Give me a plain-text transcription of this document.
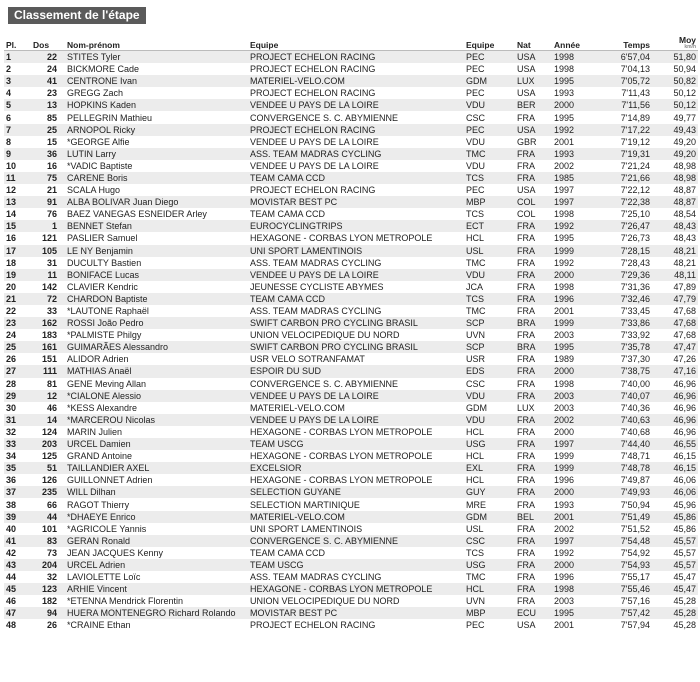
Classement de l'étape
Pl.	Dos	Nom-prénom	Equipe	Equipe	Nat	Année	Temps	Moy
km/h

1	22	STITES Tyler	PROJECT ECHELON RACING	PEC	USA	1998	6'57,04	51,80
2	24	BICKMORE Cade	PROJECT ECHELON RACING	PEC	USA	1998	7'04,13	50,94
3	41	CENTRONE Ivan	MATERIEL-VELO.COM	GDM	LUX	1995	7'05,72	50,82
4	23	GREGG Zach	PROJECT ECHELON RACING	PEC	USA	1993	7'11,43	50,12
5	13	HOPKINS Kaden	VENDEE U PAYS DE LA LOIRE	VDU	BER	2000	7'11,56	50,12
6	85	PELLEGRIN Mathieu	CONVERGENCE S. C. ABYMIENNE	CSC	FRA	1995	7'14,89	49,77
7	25	ARNOPOL Ricky	PROJECT ECHELON RACING	PEC	USA	1992	7'17,22	49,43
8	15	*GEORGE Alfie	VENDEE U PAYS DE LA LOIRE	VDU	GBR	2001	7'19,12	49,20
9	36	LUTIN Larry	ASS. TEAM MADRAS CYCLING	TMC	FRA	1993	7'19,31	49,20
10	16	*VADIC Baptiste	VENDEE U PAYS DE LA LOIRE	VDU	FRA	2002	7'21,24	48,98
11	75	CARENE Boris	TEAM CAMA CCD	TCS	FRA	1985	7'21,66	48,98
12	21	SCALA Hugo	PROJECT ECHELON RACING	PEC	USA	1997	7'22,12	48,87
13	91	ALBA BOLIVAR Juan Diego	MOVISTAR BEST PC	MBP	COL	1997	7'22,38	48,87
14	76	BAEZ VANEGAS ESNEIDER Arley	TEAM CAMA CCD	TCS	COL	1998	7'25,10	48,54
15	1	BENNET Stefan	EUROCYCLINGTRIPS	ECT	FRA	1992	7'26,47	48,43
16	121	PASLIER Samuel	HEXAGONE - CORBAS LYON METROPOLE	HCL	FRA	1995	7'26,73	48,43
17	105	LE NY Benjamin	UNI SPORT LAMENTINOIS	USL	FRA	1999	7'28,15	48,21
18	31	DUCULTY Bastien	ASS. TEAM MADRAS CYCLING	TMC	FRA	1992	7'28,43	48,21
19	11	BONIFACE Lucas	VENDEE U PAYS DE LA LOIRE	VDU	FRA	2000	7'29,36	48,11
20	142	CLAVIER Kendric	JEUNESSE CYCLISTE ABYMES	JCA	FRA	1998	7'31,36	47,89
21	72	CHARDON Baptiste	TEAM CAMA CCD	TCS	FRA	1996	7'32,46	47,79
22	33	*LAUTONE Raphaël	ASS. TEAM MADRAS CYCLING	TMC	FRA	2001	7'33,45	47,68
23	162	ROSSI João Pedro	SWIFT CARBON PRO CYCLING BRASIL	SCP	BRA	1999	7'33,86	47,68
24	183	*PALMISTE Philgy	UNION VELOCIPEDIQUE DU NORD	UVN	FRA	2003	7'33,92	47,68
25	161	GUIMARÃES Alessandro	SWIFT CARBON PRO CYCLING BRASIL	SCP	BRA	1995	7'35,78	47,47
26	151	ALIDOR Adrien	USR VELO SOTRANFAMAT	USR	FRA	1989	7'37,30	47,26
27	111	MATHIAS Anaël	ESPOIR DU SUD	EDS	FRA	2000	7'38,75	47,16
28	81	GENE Meving Allan	CONVERGENCE S. C. ABYMIENNE	CSC	FRA	1998	7'40,00	46,96
29	12	*CIALONE Alessio	VENDEE U PAYS DE LA LOIRE	VDU	FRA	2003	7'40,07	46,96
30	46	*KESS Alexandre	MATERIEL-VELO.COM	GDM	LUX	2003	7'40,36	46,96
31	14	*MARCEROU Nicolas	VENDEE U PAYS DE LA LOIRE	VDU	FRA	2002	7'40,63	46,96
32	124	MARIN Julien	HEXAGONE - CORBAS LYON METROPOLE	HCL	FRA	2000	7'40,68	46,96
33	203	URCEL Damien	TEAM USCG	USG	FRA	1997	7'44,40	46,55
34	125	GRAND Antoine	HEXAGONE - CORBAS LYON METROPOLE	HCL	FRA	1999	7'48,71	46,15
35	51	TAILLANDIER AXEL	EXCELSIOR	EXL	FRA	1999	7'48,78	46,15
36	126	GUILLONNET Adrien	HEXAGONE - CORBAS LYON METROPOLE	HCL	FRA	1996	7'49,87	46,06
37	235	WILL Dilhan	SELECTION GUYANE	GUY	FRA	2000	7'49,93	46,06
38	66	RAGOT Thierry	SELECTION MARTINIQUE	MRE	FRA	1993	7'50,94	45,96
39	44	*DHAEYE Enrico	MATERIEL-VELO.COM	GDM	BEL	2001	7'51,49	45,86
40	101	*AGRICOLE Yannis	UNI SPORT LAMENTINOIS	USL	FRA	2002	7'51,52	45,86
41	83	GERAN Ronald	CONVERGENCE S. C. ABYMIENNE	CSC	FRA	1997	7'54,48	45,57
42	73	JEAN JACQUES Kenny	TEAM CAMA CCD	TCS	FRA	1992	7'54,92	45,57
43	204	URCEL Adrien	TEAM USCG	USG	FRA	2000	7'54,93	45,57
44	32	LAVIOLETTE Loïc	ASS. TEAM MADRAS CYCLING	TMC	FRA	1996	7'55,17	45,47
45	123	ARHIE Vincent	HEXAGONE - CORBAS LYON METROPOLE	HCL	FRA	1998	7'55,46	45,47
46	182	*ETENNA Mendrick Florentin	UNION VELOCIPEDIQUE DU NORD	UVN	FRA	2003	7'57,16	45,28
47	94	HUERA MONTENEGRO Richard Rolando	MOVISTAR BEST PC	MBP	ECU	1995	7'57,42	45,28
48	26	*CRAINE Ethan	PROJECT ECHELON RACING	PEC	USA	2001	7'57,94	45,28
